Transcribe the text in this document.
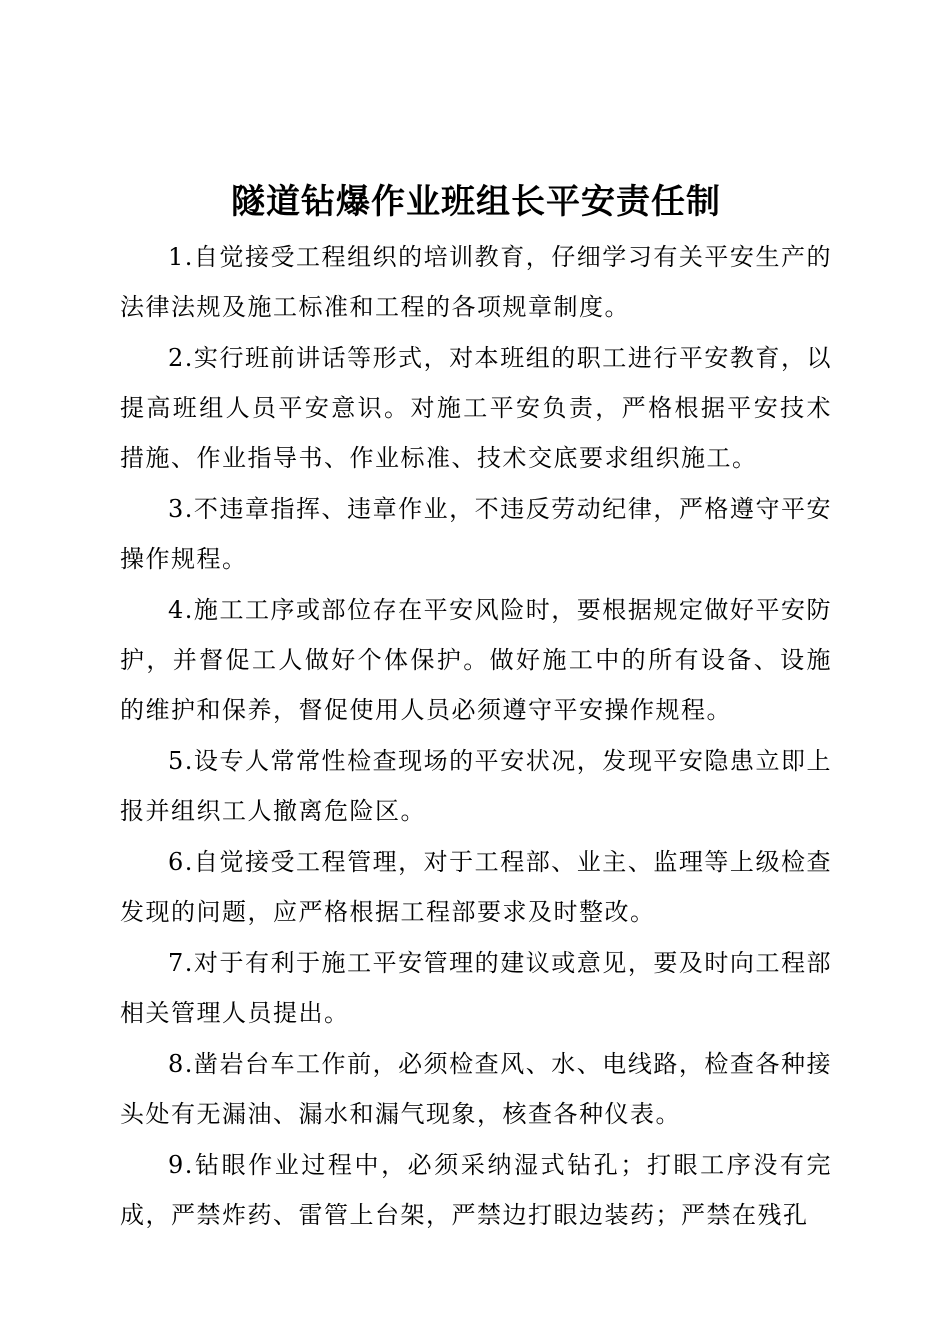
隧道钻爆作业班组长平安责任制

1.自觉接受工程组织的培训教育，仔细学习有关平安生产的法律法规及施工标准和工程的各项规章制度。

2.实行班前讲话等形式，对本班组的职工进行平安教育，以提高班组人员平安意识。对施工平安负责，严格根据平安技术措施、作业指导书、作业标准、技术交底要求组织施工。

3.不违章指挥、违章作业，不违反劳动纪律，严格遵守平安操作规程。

4.施工工序或部位存在平安风险时，要根据规定做好平安防护，并督促工人做好个体保护。做好施工中的所有设备、设施的维护和保养，督促使用人员必须遵守平安操作规程。

5.设专人常常性检查现场的平安状况，发现平安隐患立即上报并组织工人撤离危险区。

6.自觉接受工程管理，对于工程部、业主、监理等上级检查发现的问题，应严格根据工程部要求及时整改。

7.对于有利于施工平安管理的建议或意见，要及时向工程部相关管理人员提出。

8.凿岩台车工作前，必须检查风、水、电线路，检查各种接头处有无漏油、漏水和漏气现象，核查各种仪表。

9.钻眼作业过程中，必须采纳湿式钻孔；打眼工序没有完成，严禁炸药、雷管上台架，严禁边打眼边装药；严禁在残孔
